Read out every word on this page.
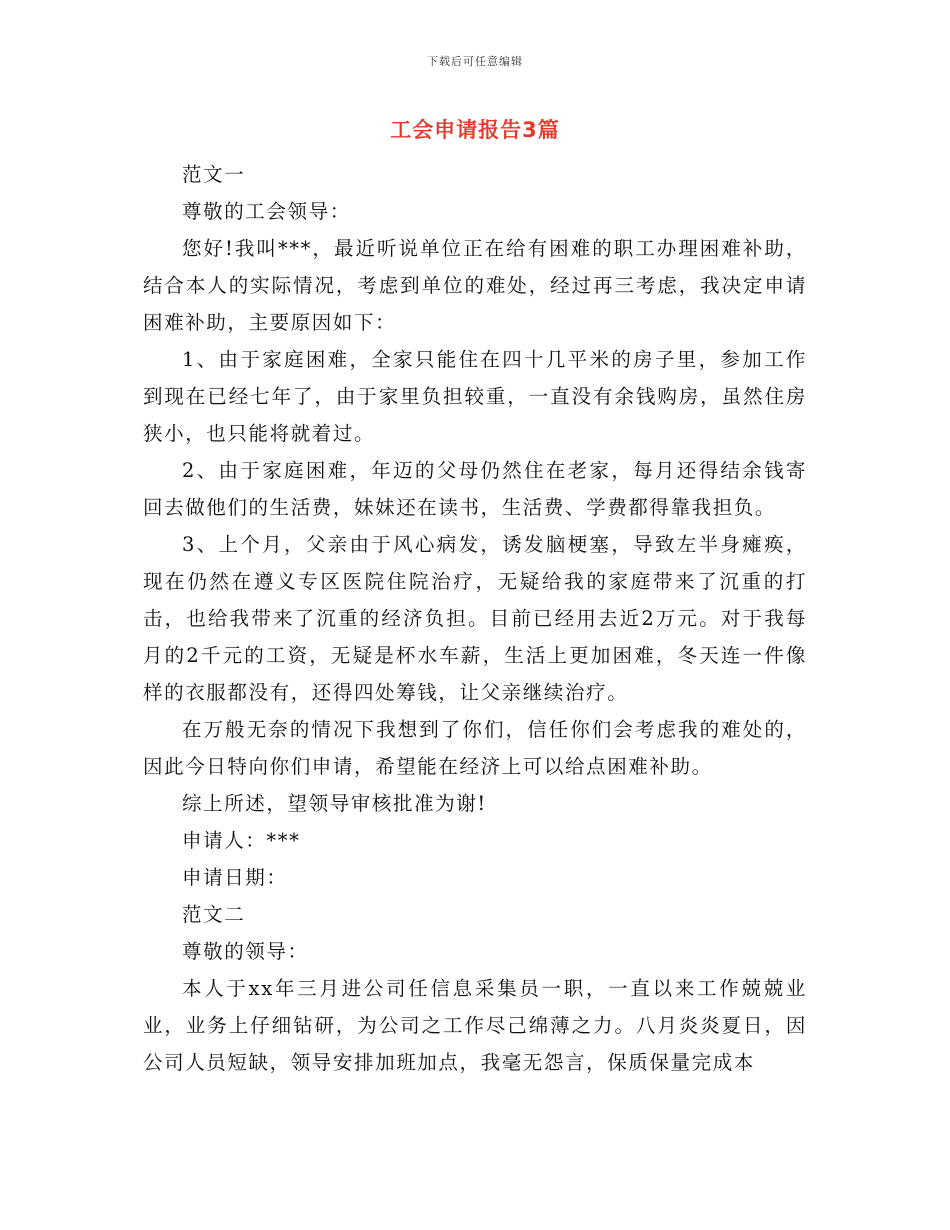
下载后可任意编辑
工会申请报告3篇

范文一

尊敬的工会领导：

您好!我叫***，最近听说单位正在给有困难的职工办理困难补助，结合本人的实际情况，考虑到单位的难处，经过再三考虑，我决定申请困难补助，主要原因如下：

1、由于家庭困难，全家只能住在四十几平米的房子里，参加工作到现在已经七年了，由于家里负担较重，一直没有余钱购房，虽然住房狭小，也只能将就着过。

2、由于家庭困难，年迈的父母仍然住在老家，每月还得结余钱寄回去做他们的生活费，妹妹还在读书，生活费、学费都得靠我担负。

3、上个月，父亲由于风心病发，诱发脑梗塞，导致左半身瘫痪，现在仍然在遵义专区医院住院治疗，无疑给我的家庭带来了沉重的打击，也给我带来了沉重的经济负担。目前已经用去近2万元。对于我每月的2千元的工资，无疑是杯水车薪，生活上更加困难，冬天连一件像样的衣服都没有，还得四处筹钱，让父亲继续治疗。

在万般无奈的情况下我想到了你们，信任你们会考虑我的难处的，因此今日特向你们申请，希望能在经济上可以给点困难补助。

综上所述，望领导审核批准为谢!

申请人：***

申请日期：

范文二

尊敬的领导：

本人于xx年三月进公司任信息采集员一职，一直以来工作兢兢业业，业务上仔细钻研，为公司之工作尽己绵薄之力。八月炎炎夏日，因公司人员短缺，领导安排加班加点，我毫无怨言，保质保量完成本
